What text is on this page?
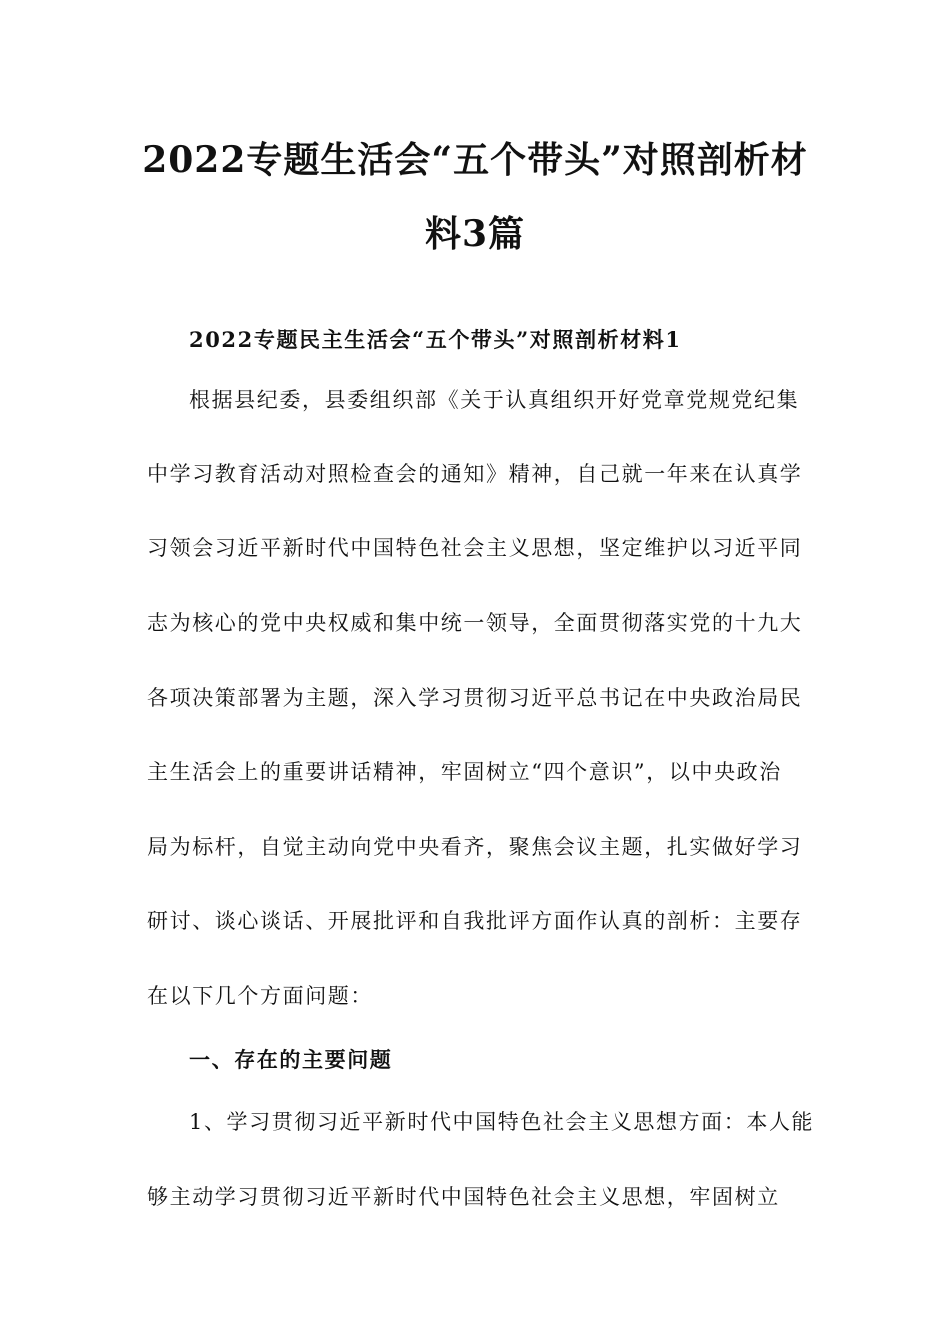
2022专题生活会“五个带头”对照剖析材
料3篇
2022专题民主生活会“五个带头”对照剖析材料1
根据县纪委，县委组织部《关于认真组织开好党章党规党纪集
中学习教育活动对照检查会的通知》精神，自己就一年来在认真学
习领会习近平新时代中国特色社会主义思想，坚定维护以习近平同
志为核心的党中央权威和集中统一领导，全面贯彻落实党的十九大
各项决策部署为主题，深入学习贯彻习近平总书记在中央政治局民
主生活会上的重要讲话精神，牢固树立“四个意识”，以中央政治
局为标杆，自觉主动向党中央看齐，聚焦会议主题，扎实做好学习
研讨、谈心谈话、开展批评和自我批评方面作认真的剖析：主要存
在以下几个方面问题：
一、存在的主要问题
1、学习贯彻习近平新时代中国特色社会主义思想方面：本人能
够主动学习贯彻习近平新时代中国特色社会主义思想，牢固树立
